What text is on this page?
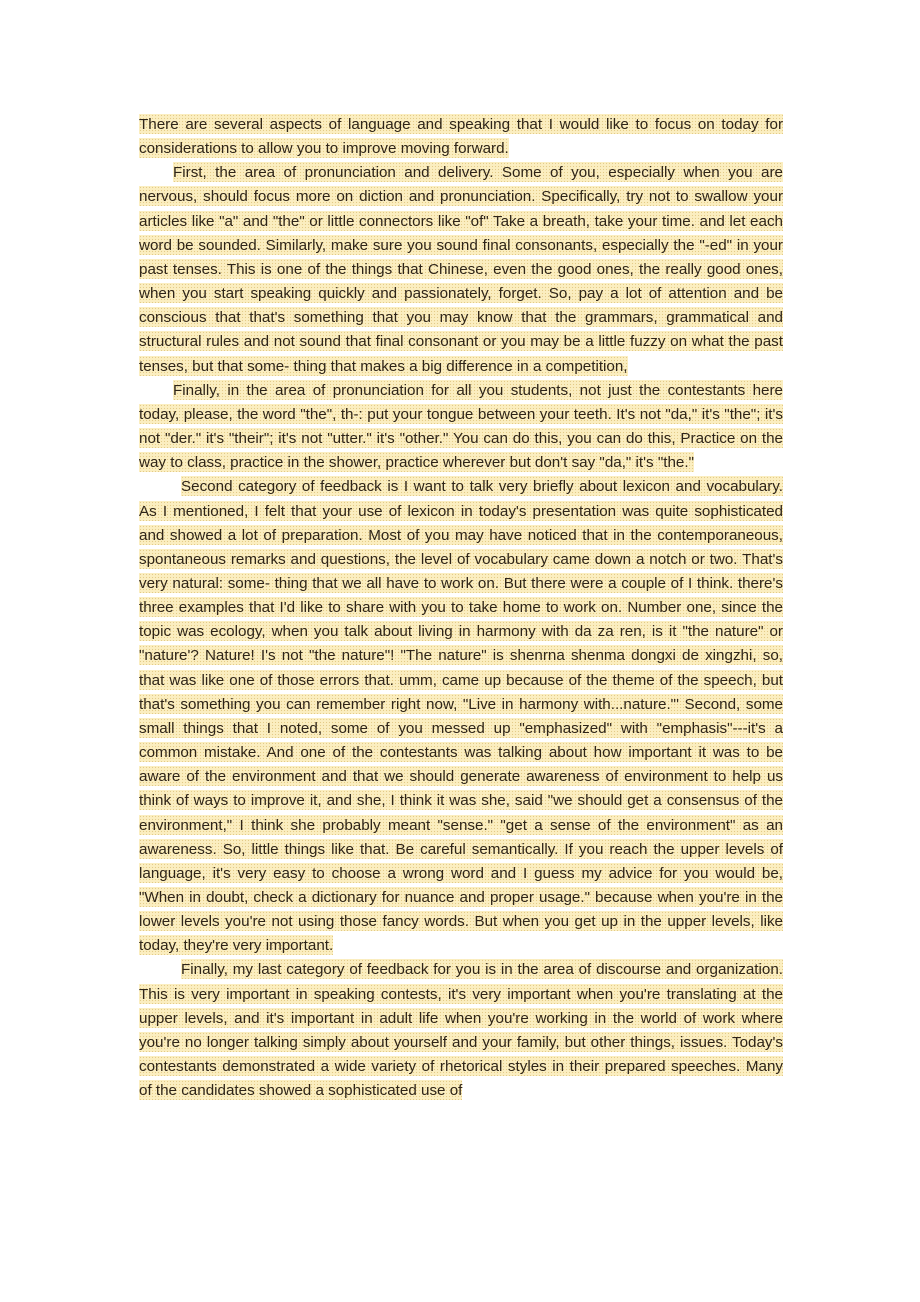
There are several aspects of language and speaking that I would like to focus on today for considerations to allow you to improve moving forward.

First, the area of pronunciation and delivery. Some of you, especially when you are nervous, should focus more on diction and pronunciation. Specifically, try not to swallow your articles like "a" and "the" or little connectors like "of" Take a breath, take your time. and let each word be sounded. Similarly, make sure you sound final consonants, especially the "-ed" in your past tenses. This is one of the things that Chinese, even the good ones, the really good ones, when you start speaking quickly and passionately, forget. So, pay a lot of attention and be conscious that that's something that you may know that the grammars, grammatical and structural rules and not sound that final consonant or you may be a little fuzzy on what the past tenses, but that some- thing that makes a big difference in a competition,

Finally, in the area of pronunciation for all you students, not just the contestants here today, please, the word "the", th-: put your tongue between your teeth. It's not "da," it's "the"; it's not "der." it's "their"; it's not "utter." it's "other." You can do this, you can do this, Practice on the way to class, practice in the shower, practice wherever but don't say "da," it's "the."

Second category of feedback is I want to talk very briefly about lexicon and vocabulary. As I mentioned, I felt that your use of lexicon in today's presentation was quite sophisticated and showed a lot of preparation. Most of you may have noticed that in the contemporaneous, spontaneous remarks and questions, the level of vocabulary came down a notch or two. That's very natural: some- thing that we all have to work on. But there were a couple of I think. there's three examples that I'd like to share with you to take home to work on. Number one, since the topic was ecology, when you talk about living in harmony with da za ren, is it "the nature" or "nature'? Nature! I's not "the nature"! "The nature" is shenrna shenma dongxi de xingzhi, so, that was like one of those errors that. umm, came up because of the theme of the speech, but that's something you can remember right now, "Live in harmony with...nature."' Second, some small things that I noted, some of you messed up "emphasized" with "emphasis"---it's a common mistake. And one of the contestants was talking about how important it was to be aware of the environment and that we should generate awareness of environment to help us think of ways to improve it, and she, I think it was she, said "we should get a consensus of the environment," I think she probably meant "sense." "get a sense of the environment" as an awareness. So, little things like that. Be careful semantically. If you reach the upper levels of language, it's very easy to choose a wrong word and I guess my advice for you would be, "When in doubt, check a dictionary for nuance and proper usage." because when you're in the lower levels you're not using those fancy words. But when you get up in the upper levels, like today, they're very important.

Finally, my last category of feedback for you is in the area of discourse and organization. This is very important in speaking contests, it's very important when you're translating at the upper levels, and it's important in adult life when you're working in the world of work where you're no longer talking simply about yourself and your family, but other things, issues. Today's contestants demonstrated a wide variety of rhetorical styles in their prepared speeches. Many of the candidates showed a sophisticated use of
